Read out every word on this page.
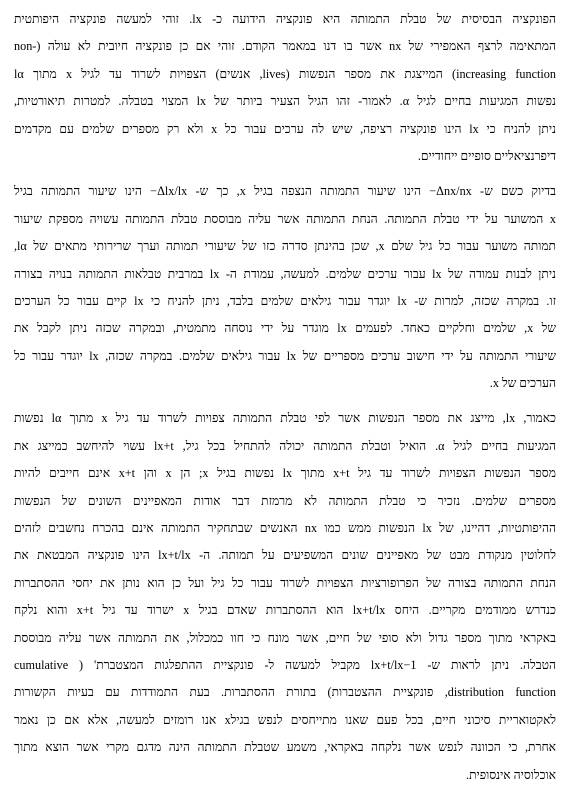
הפונקציה הבסיסית של טבלת התמותה היא פונקציה הידועה כ- lx. זוהי למעשה פונקציה היפותטית
המתאימה לרצף האמפירי של nx אשר בו דנו במאמר הקודם. זוהי אם כן פונקציה חיובית לא עולה (-non
increasing function) המייצגת את מספר הנפשות (lives, אנשים) הצפויות לשרוד עד לגיל x מתוך lα
נפשות המגיעות בחיים לגיל α. לאמור- זהו הגיל הצעיר ביותר של lx המצוי בטבלה. למטרות תיאורטיות,
ניתן להניח כי lx הינו פונקציה רציפה, שיש לה ערכים עבור כל x ולא רק מספרים שלמים עם מקדמים
דיפרנציאליים סופיים ייחודיים.
בדיוק כשם ש- Δnx/nx− הינו שיעור התמותה הנצפה בגיל x, כך ש- Δlx/lx− הינו שיעור התמותה בגיל
x המשוער על ידי טבלת התמותה. הנחת התמותה אשר עליה מבוססת טבלת התמותה עשויה מספקת שיעור
תמותה משוער עבור כל גיל שלם x, שכן בהינתן סדרה כזו של שיעורי תמותה וערך שרירותי מתאים של lα,
ניתן לבנות עמודה של lx עבור ערכים שלמים. למעשה, עמודת ה- lx במרבית טבלאות התמותה בנויה בצורה
זו. במקרה שכזה, למרות ש- lx יוגדר עבור גילאים שלמים בלבד, ניתן להניח כי lx קיים עבור כל הערכים
של x, שלמים וחלקיים כאחד. לפעמים lx מוגדר על ידי נוסחה מתמטית, ובמקרה שכזה ניתן לקבל את
שיעורי התמותה על ידי חישוב ערכים מספריים של lx עבור גילאים שלמים. במקרה שכזה, lx יוגדר עבור כל
הערכים של x.
כאמור, lx, מייצג את מספר הנפשות אשר לפי טבלת התמותה צפויות לשרוד עד גיל x מתוך lα נפשות
המגיעות בחיים לגיל α. הואיל וטבלת התמותה יכולה להתחיל בכל גיל, lx+t עשוי להיחשב כמייצג את
מספר הנפשות הצפויות לשרוד עד גיל x+t מתוך lx נפשות בגיל x; הן x והן x+t אינם חייבים להיות
מספרים שלמים. נזכיר כי טבלת התמותה לא מרמזת דבר אודות המאפיינים השונים של הנפשות
ההיפותטיות, דהיינו, של lx הנפשות ממש כמו nx האנשים שבתחקיר התמותה אינם בהכרח נחשבים לזהים
לחלוטין מנקודת מבט של מאפיינים שונים המשפיעים על תמותה. ה- lx+t/lx הינו פונקציה המבטאת את
הנחת התמותה בצורה של הפרופורציות הצפויות לשרוד עבור כל גיל ועל כן הוא נותן את יחסי ההסתברות
כנדרש ממודמים מקריים. היחס lx+t/lx הוא ההסתברות שאדם בגיל x ישרוד עד גיל x+t והוא נלקח
באקראי מתוך מספר גדול ולא סופי של חיים, אשר מונח כי חוו כמכלול, את התמותה אשר עליה מבוססת
הטבלה. ניתן לראות ש- 1−lx+t/lx מקביל למעשה ל- פונקציית ההתפלגות המצטברת' ( cumulative
distribution function, פונקציית ההצטברות) בתורת ההסתברות. בעת התמודדות עם בעיות הקשורות
לאקטואריית סיכוני חיים, בכל פעם שאנו מתייחסים לנפש בגילx אנו רומזים למעשה, אלא אם כן נאמר
אחרת, כי הכוונה לנפש אשר נלקחה באקראי, משמע שטבלת התמותה הינה מדגם מקרי אשר הוצא מתוך
אוכלוסיה אינסופית.
